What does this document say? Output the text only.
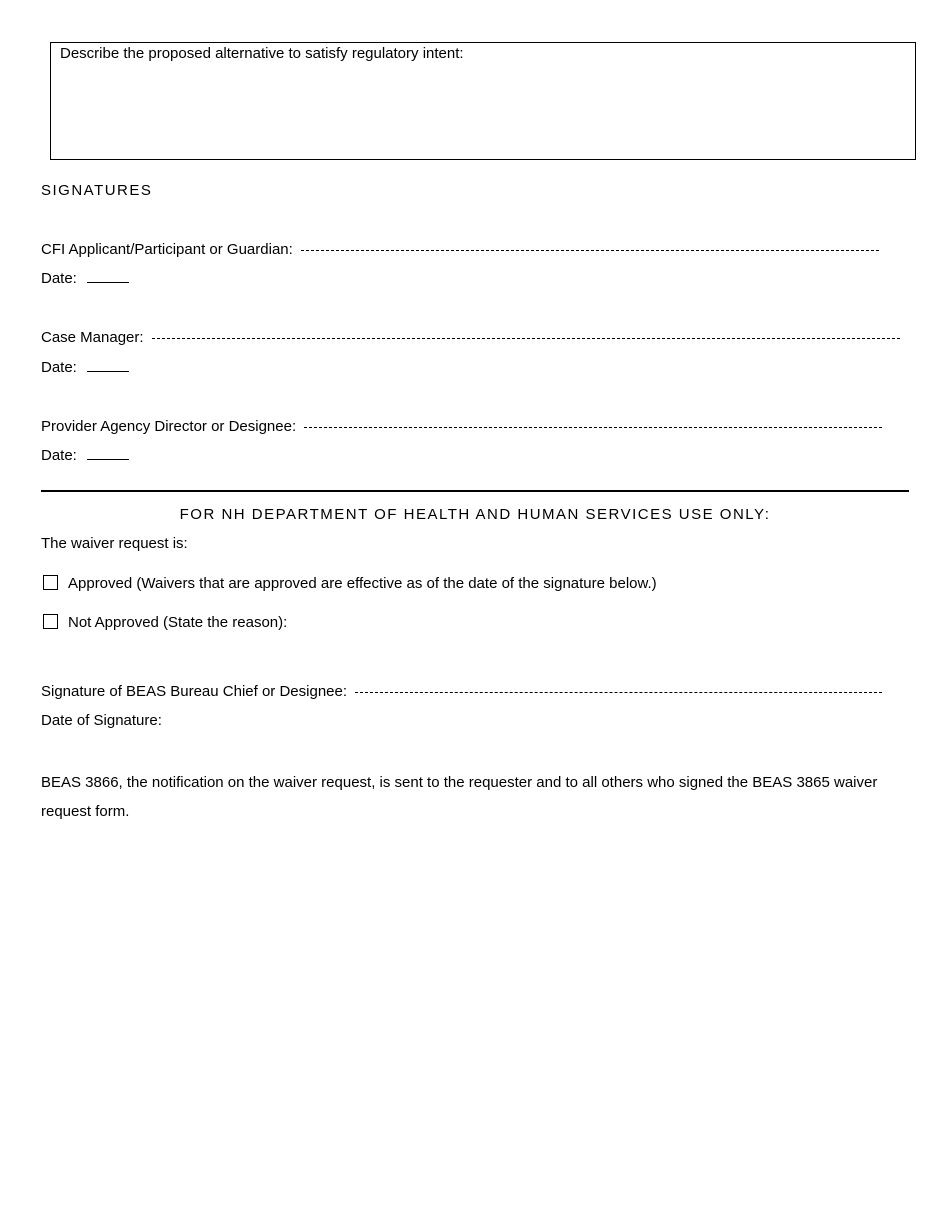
Describe the proposed alternative to satisfy regulatory intent:
SIGNATURES
CFI Applicant/Participant or Guardian:
Date:
Case Manager:
Date:
Provider Agency Director or Designee:
Date:
FOR NH DEPARTMENT OF HEALTH AND HUMAN SERVICES USE ONLY:
The waiver request is:
Approved (Waivers that are approved are effective as of the date of the signature below.)
Not Approved (State the reason):
Signature of BEAS Bureau Chief or Designee:
Date of Signature:
BEAS 3866, the notification on the waiver request, is sent to the requester and to all others who signed the BEAS 3865 waiver request form.
